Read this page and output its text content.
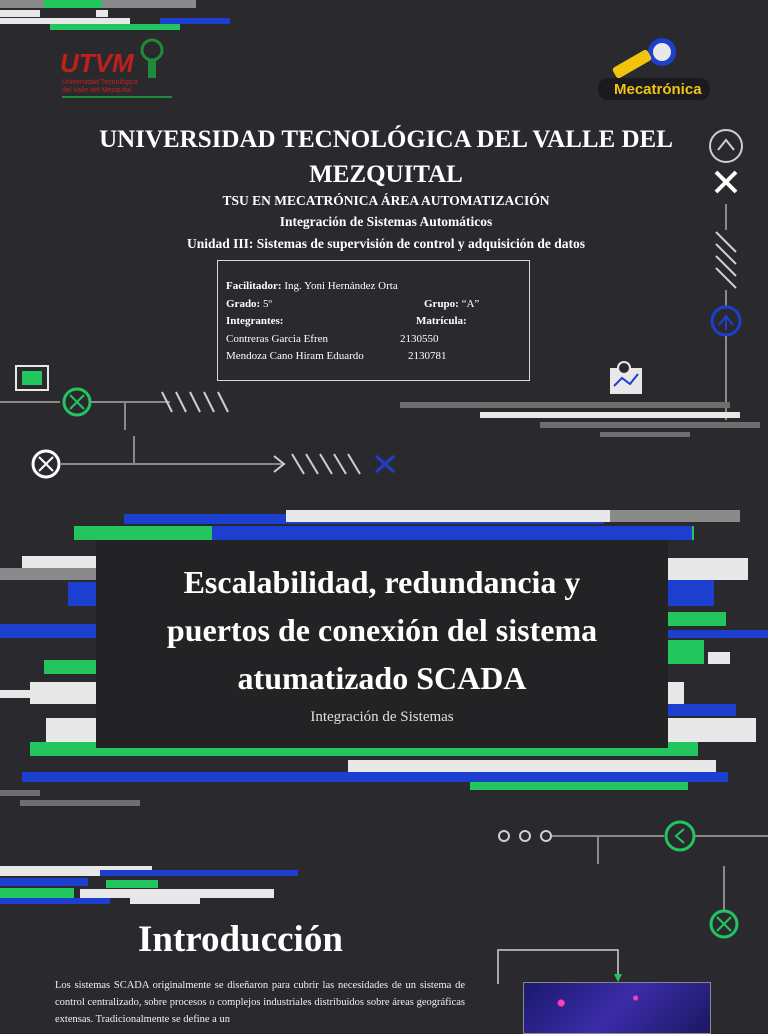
UTVM
Universidad Tecnológica
del Valle del Mezquital	Mecatrónica
UNIVERSIDAD TECNOLÓGICA DEL VALLE DEL MEZQUITAL
TSU EN MECATRÓNICA ÁREA AUTOMATIZACIÓN
Integración de Sistemas Automáticos
Unidad III: Sistemas de supervisión de control y adquisición de datos
Facilitador: Ing. Yoni Hernández Orta
Grado: 5º	Grupo: “A”
Integrantes:	Matrícula:
Contreras Garcia Efren	2130550
Mendoza Cano Hiram Eduardo	2130781
Escalabilidad, redundancia y
puertos de conexión del sistema
atumatizado SCADA
Integración de Sistemas
Introducción
Los sistemas SCADA originalmente se diseñaron para cubrir las necesidades de un sistema de control centralizado, sobre procesos o complejos industriales distribuidos sobre áreas geográficas extensas. Tradicionalmente se define a un
